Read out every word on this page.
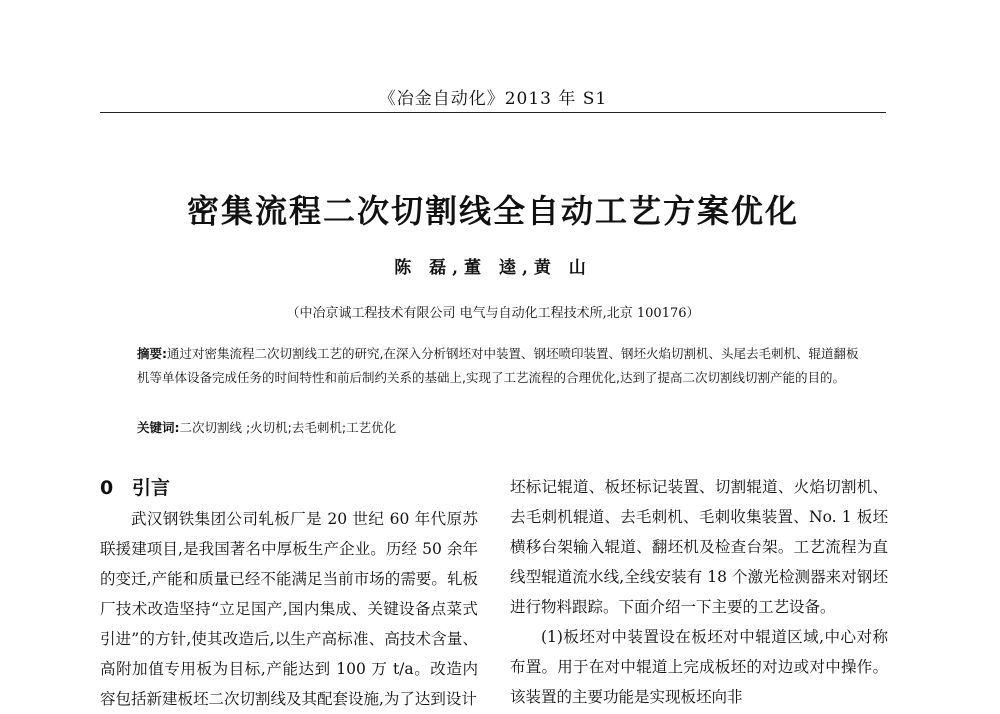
《冶金自动化》2013 年 S1
密集流程二次切割线全自动工艺方案优化
陈 磊,董 逵,黄 山
（中冶京诚工程技术有限公司 电气与自动化工程技术所,北京 100176）
摘要:通过对密集流程二次切割线工艺的研究,在深入分析钢坯对中装置、钢坯喷印装置、钢坯火焰切割机、头尾去毛刺机、辊道翻板机等单体设备完成任务的时间特性和前后制约关系的基础上,实现了工艺流程的合理优化,达到了提高二次切割线切割产能的目的。
关键词:二次切割线 ;火切机;去毛刺机;工艺优化
0 引言

武汉钢铁集团公司轧板厂是 20 世纪 60 年代原苏联援建项目,是我国著名中厚板生产企业。历经 50 余年的变迁,产能和质量已经不能满足当前市场的需要。轧板厂技术改造坚持“立足国产,国内集成、关键设备点菜式引进”的方针,使其改造后,以生产高标准、高技术含量、高附加值专用板为目标,产能达到 100 万 t/a。改造内容包括新建板坯二次切割线及其配套设施,为了达到设计

坯标记辊道、板坯标记装置、切割辊道、火焰切割机、去毛刺机辊道、去毛刺机、毛刺收集装置、No. 1 板坯横移台架输入辊道、翻坯机及检查台架。工艺流程为直线型辊道流水线,全线安装有 18 个激光检测器来对钢坯进行物料跟踪。下面介绍一下主要的工艺设备。

(1)板坯对中装置设在板坯对中辊道区域,中心对称布置。用于在对中辊道上完成板坯的对边或对中操作。该装置的主要功能是实现板坯向非
